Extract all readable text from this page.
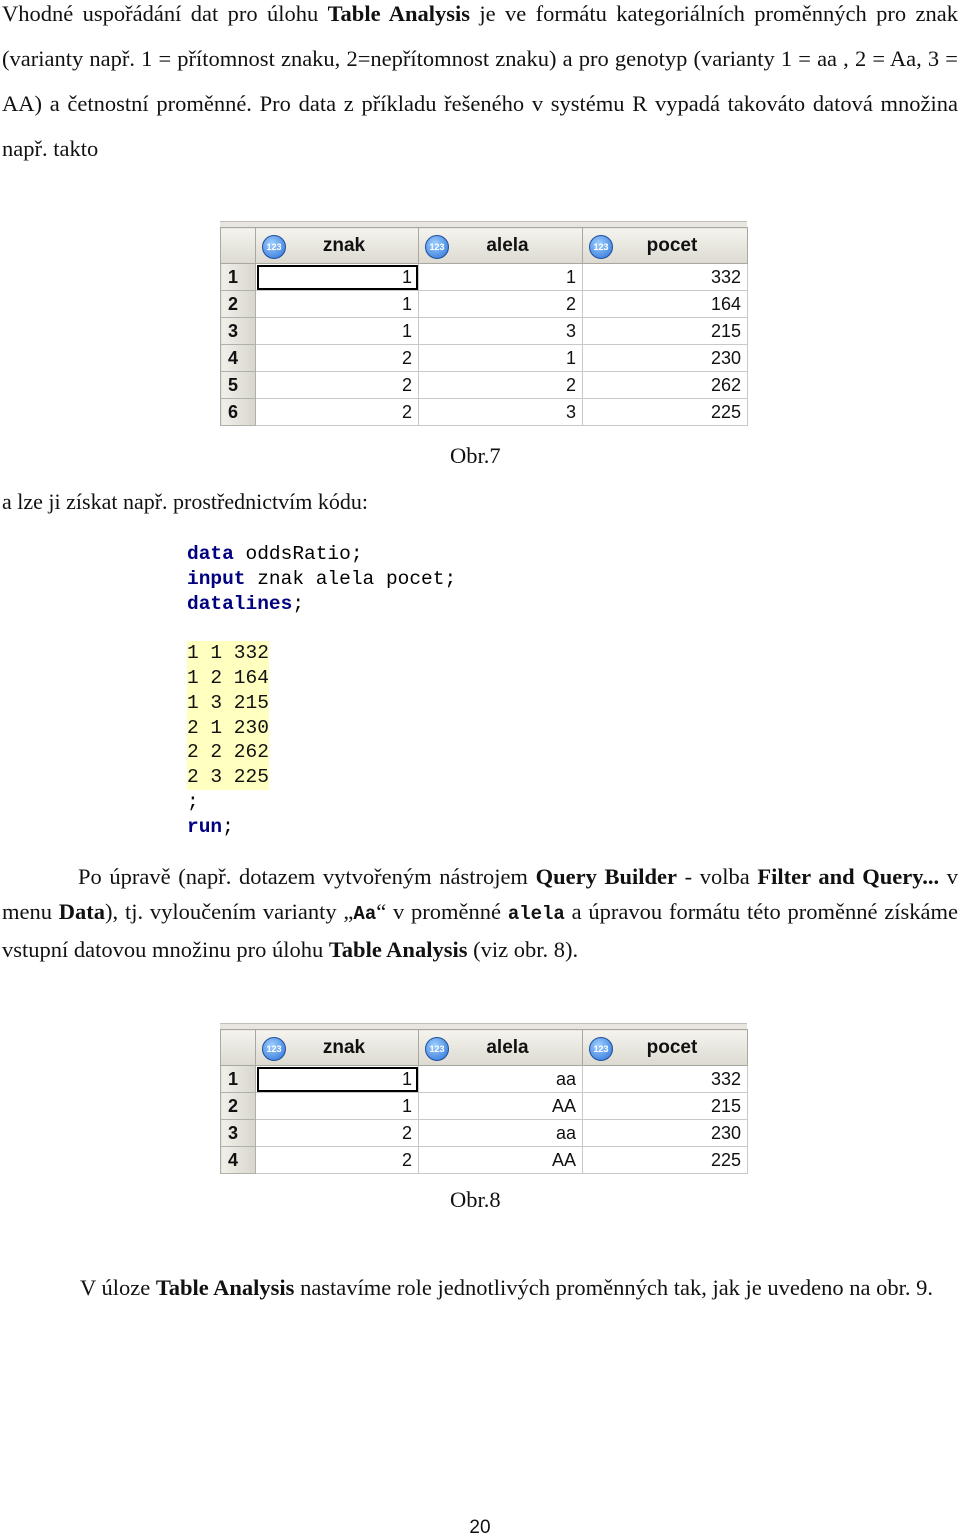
Vhodné uspořádání dat pro úlohu Table Analysis je ve formátu kategoriálních proměnných pro znak (varianty např. 1 = přítomnost znaku, 2=nepřítomnost znaku) a pro genotyp (varianty 1 = aa , 2 = Aa, 3 = AA) a četnostní proměnné. Pro data z příkladu řešeného v systému R vypadá takováto datová množina např. takto

	123 znak	123 alela	123 pocet
1	1	1	332
2	1	2	164
3	1	3	215
4	2	1	230
5	2	2	262
6	2	3	225
Obr.7
a lze ji získat např. prostřednictvím kódu:
data oddsRatio;
input znak alela pocet;
datalines;
1 1 332
1 2 164
1 3 215
2 1 230
2 2 262
2 3 225
;
run;
Po úpravě (např. dotazem vytvořeným nástrojem Query Builder - volba Filter and Query... v menu Data), tj. vyloučením varianty „Aa“ v proměnné alela a úpravou formátu této proměnné získáme vstupní datovou množinu pro úlohu Table Analysis (viz obr. 8).

	123 znak	123 alela	123 pocet
1	1	aa	332
2	1	AA	215
3	2	aa	230
4	2	AA	225
Obr.8
V úloze Table Analysis nastavíme role jednotlivých proměnných tak, jak je uvedeno na obr. 9.
20
